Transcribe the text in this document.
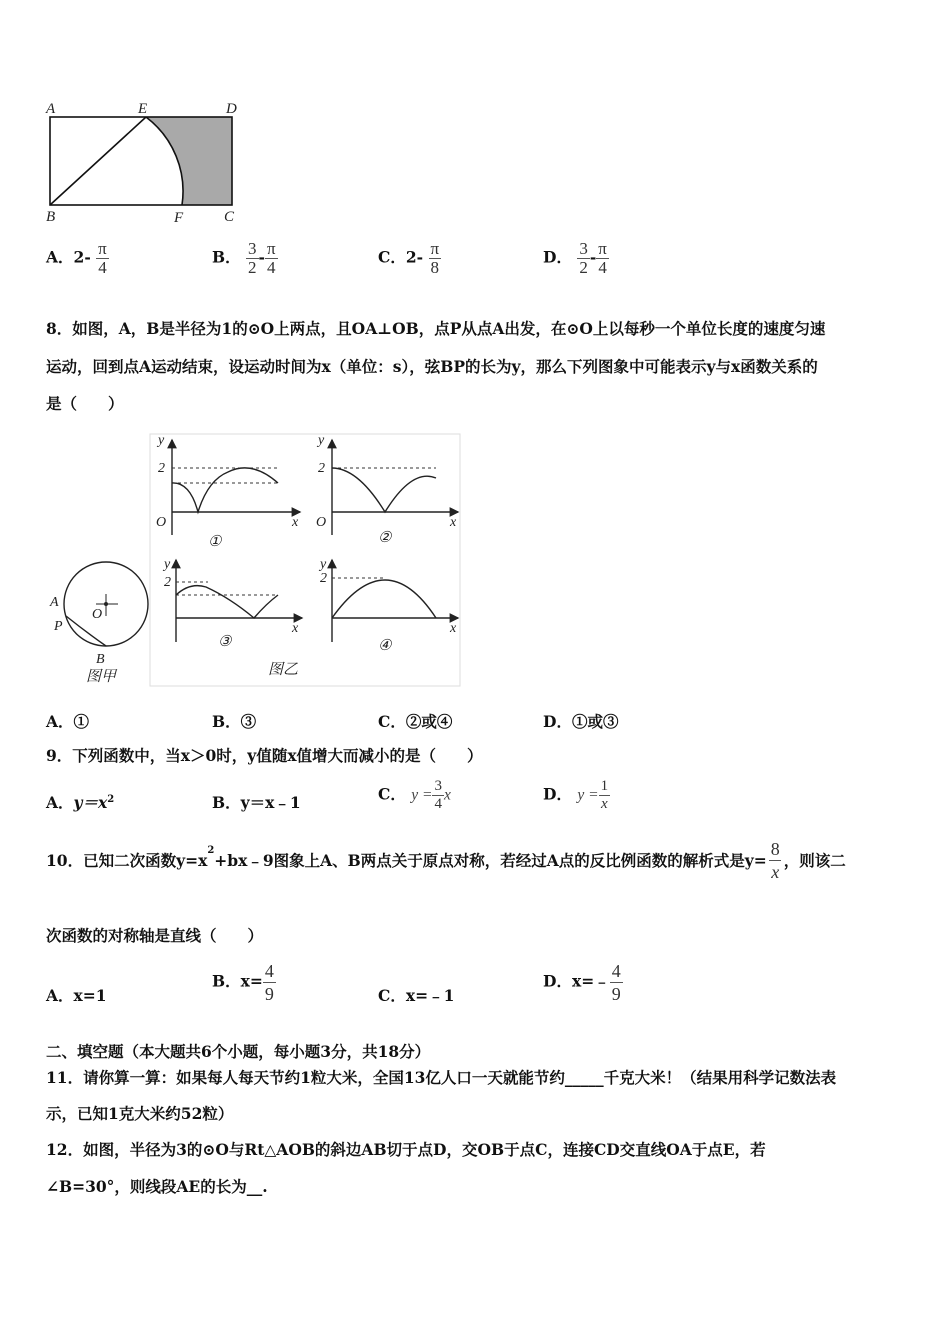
A	E	D
B	F	C
A．$2- \frac{\pi}{4}$	B． $\frac{3}{2} - \frac{\pi}{4}$	C．$2- \frac{\pi}{8}$	D． $\frac{3}{2} - \frac{\pi}{4}$
8．如图，A，B是半径为1的⊙O上两点，且OA⊥OB，点P从点A出发，在⊙O上以每秒一个单位长度的速度匀速
运动，回到点A运动结束，设运动时间为x（单位：s），弦BP的长为y，那么下列图象中可能表示y与x函数关系的
是（　　）
y
2
O	x
①
y
2
O	x
②
A
O
P
B
图甲
y
2
x
③
图乙
y
2
x
④
A．①	B．③	C．②或④	D．①或③
9．下列函数中，当x＞0时，y值随x值增大而减小的是（　　）
A．$y=x^2$	B．y＝x﹣1	C． $y = \frac{3}{4}$ x	D． $y = \frac{1}{x}$
10．已知二次函数$y=x^2$ +bx﹣9图象上A、B两点关于原点对称，若经过A点的反比例函数的解析式是$y= \frac{8}{x}$ ，则该二
次函数的对称轴是直线（　　）
A．x=1
B．$x= \frac{4}{9}$	C．x=﹣1
D．x=﹣ $\frac{4}{9}$
二、填空题（本大题共6个小题，每小题3分，共18分）
11．请你算一算：如果每人每天节约1粒大米，全国13亿人口一天就能节约_____千克大米！（结果用科学记数法表
示，已知1克大米约52粒）
12．如图，半径为3的⊙O与Rt△AOB的斜边AB切于点D，交OB于点C，连接CD交直线OA于点E，若
∠B=30°，则线段AE的长为__.
